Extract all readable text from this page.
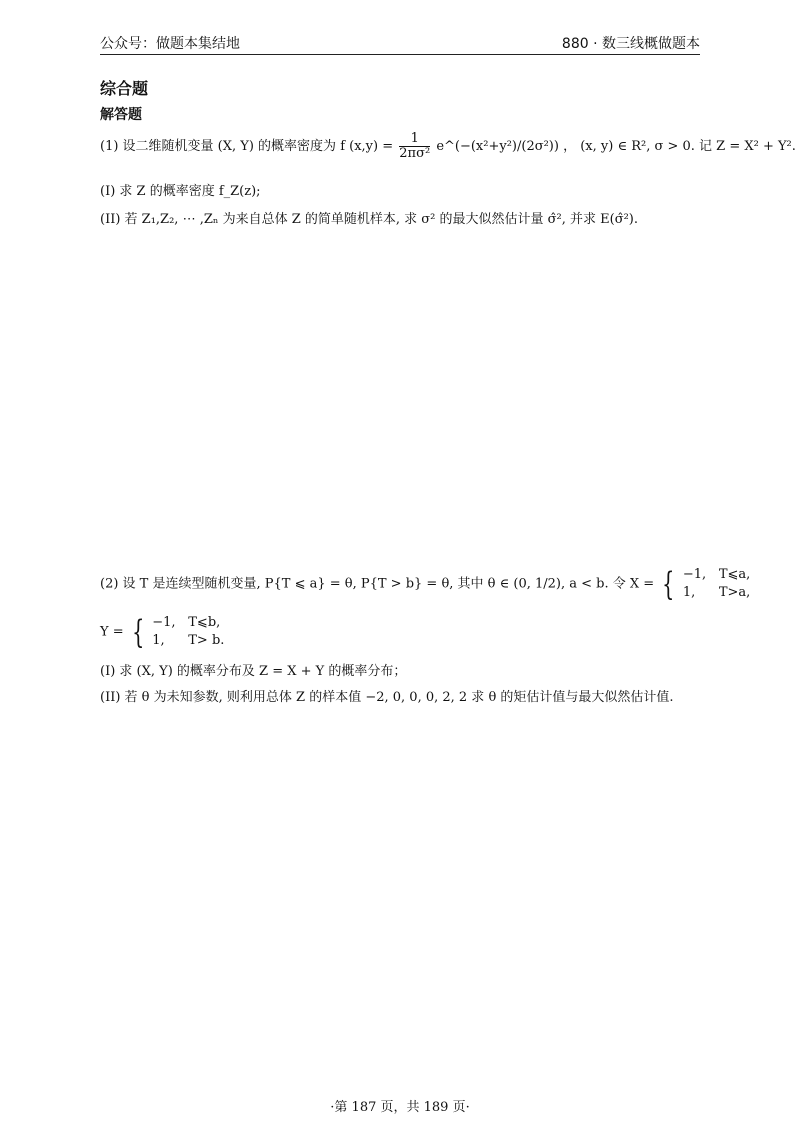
公众号：做题本集结地	880 · 数三线概做题本
综合题
解答题
(1) 设二维随机变量 (X, Y) 的概率密度为 f $(x,y) = \frac{1}{\text{2πσ²}}$ e^(−(x²+y²)/(2σ²)) ， (x, y) ∈ R², σ > 0. 记 Z = X² + Y².
(I) 求 Z 的概率密度 f_Z(z);
(II) 若 Z₁,Z₂, ⋯ ,Zₙ 为来自总体 Z 的简单随机样本, 求 σ² 的最大似然估计量 σ̂², 并求 E(σ̂²).
(2) 设 T 是连续型随机变量, P{T ⩽ a} = θ, P{T > b} = θ, 其中 θ ∈ (0, 1/2), a < b. 令 X = { −1, T⩽a,
1, T>a,
Y = { −1, T⩽b,
1, T> b.
(I) 求 (X, Y) 的概率分布及 Z = X + Y 的概率分布；
(II) 若 θ 为未知参数, 则利用总体 Z 的样本值 −2, 0, 0, 0, 2, 2 求 θ 的矩估计值与最大似然估计值.
·第 187 页，共 189 页·
